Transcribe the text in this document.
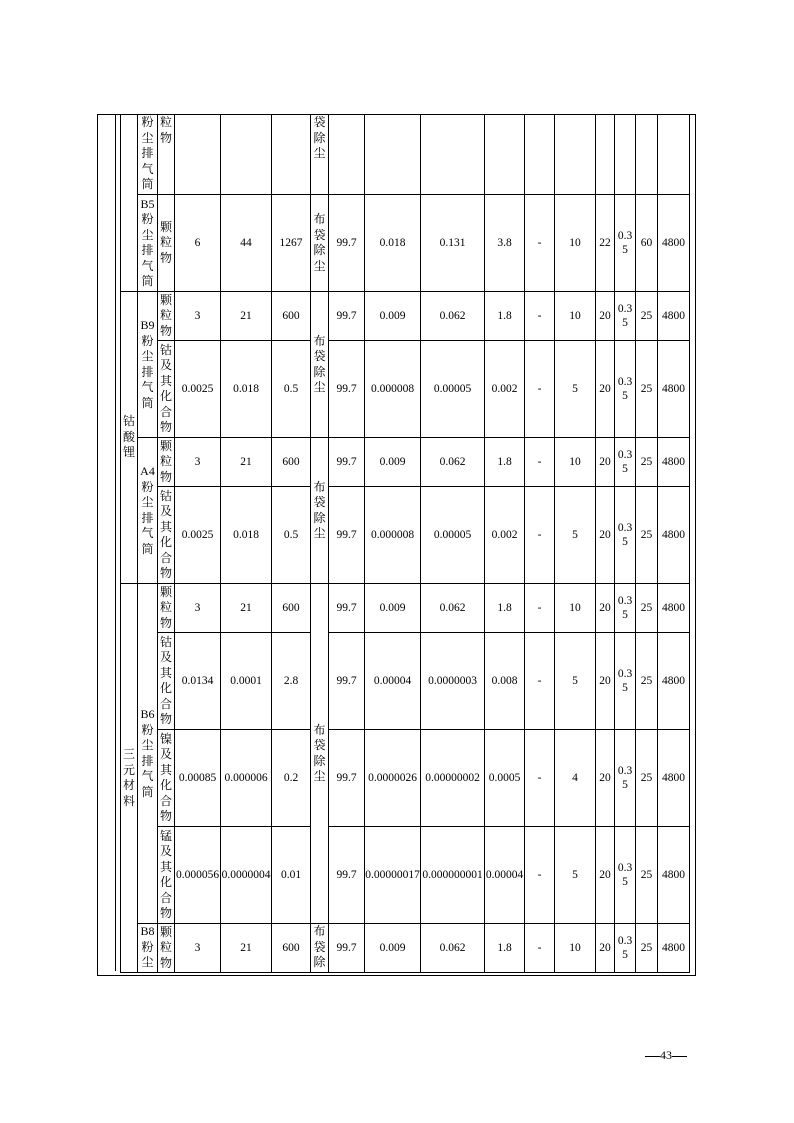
	粉尘排气筒	粒物				袋除尘										
	B5粉尘排气筒	颗粒物	6	44	1267	布袋除尘	99.7	0.018	0.131	3.8	-	10	22	0.35	60	4800
钴酸锂	B9粉尘排气筒	颗粒物	3	21	600	布袋除尘	99.7	0.009	0.062	1.8	-	10	20	0.35	25	4800
		钴及其化合物	0.0025	0.018	0.5		99.7	0.000008	0.00005	0.002	-	5	20	0.35	25	4800
	A4粉尘排气筒	颗粒物	3	21	600	布袋除尘	99.7	0.009	0.062	1.8	-	10	20	0.35	25	4800
		钴及其化合物	0.0025	0.018	0.5		99.7	0.000008	0.00005	0.002	-	5	20	0.35	25	4800
三元材料	B6粉尘排气筒	颗粒物	3	21	600	布袋除尘	99.7	0.009	0.062	1.8	-	10	20	0.35	25	4800
		钴及其化合物	0.0134	0.0001	2.8		99.7	0.00004	0.0000003	0.008	-	5	20	0.35	25	4800
		镍及其化合物	0.00085	0.000006	0.2		99.7	0.0000026	0.00000002	0.0005	-	4	20	0.35	25	4800
		锰及其化合物	0.000056	0.0000004	0.01		99.7	0.00000017	0.000000001	0.00004	-	5	20	0.35	25	4800
	B8粉尘	颗粒物	3	21	600	布袋除	99.7	0.009	0.062	1.8	-	10	20	0.35	25	4800
43
